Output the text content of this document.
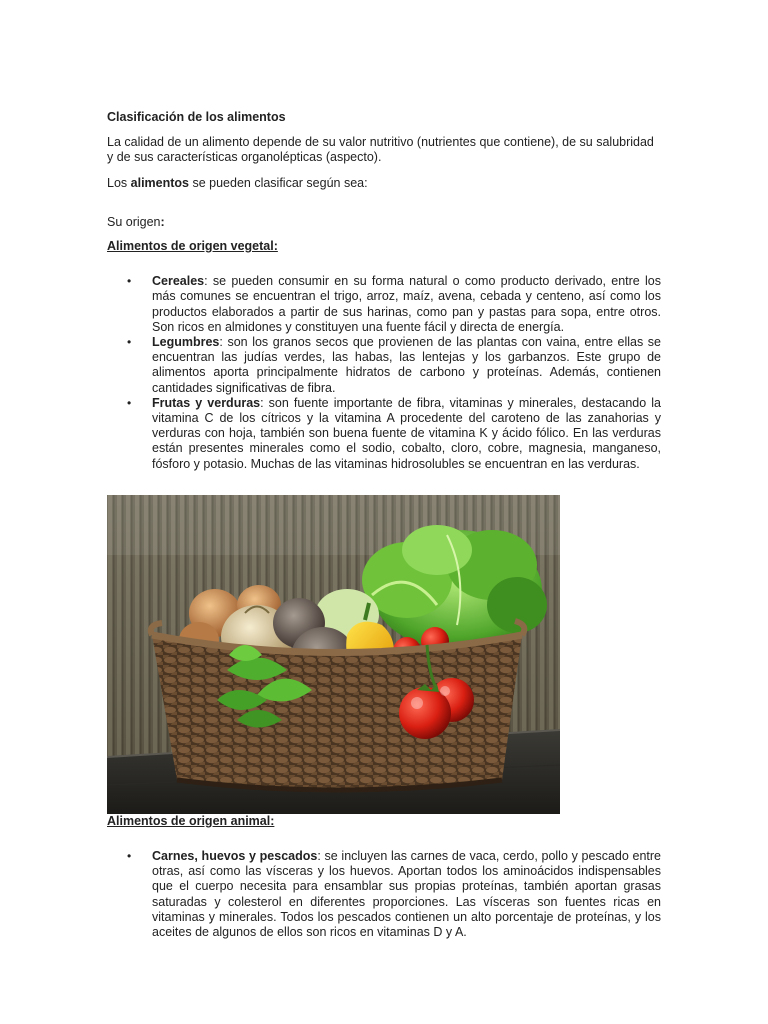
Clasificación de los alimentos

La calidad de un alimento depende de su valor nutritivo (nutrientes que contiene), de su salubridad y de sus características organolépticas (aspecto).

Los alimentos se pueden clasificar según sea:

Su origen:

Alimentos de origen vegetal:

• Cereales: se pueden consumir en su forma natural o como producto derivado, entre los más comunes se encuentran el trigo, arroz, maíz, avena, cebada y centeno, así como los productos elaborados a partir de sus harinas, como pan y pastas para sopa, entre otros. Son ricos en almidones y constituyen una fuente fácil y directa de energía.
• Legumbres: son los granos secos que provienen de las plantas con vaina, entre ellas se encuentran las judías verdes, las habas, las lentejas y los garbanzos. Este grupo de alimentos aporta principalmente hidratos de carbono y proteínas. Además, contienen cantidades significativas de fibra.
• Frutas y verduras: son fuente importante de fibra, vitaminas y minerales, destacando la vitamina C de los cítricos y la vitamina A procedente del caroteno de las zanahorias y verduras con hoja, también son buena fuente de vitamina K y ácido fólico. En las verduras están presentes minerales como el sodio, cobalto, cloro, cobre, magnesia, manganeso, fósforo y potasio. Muchas de las vitaminas hidrosolubles se encuentran en las verduras.

Alimentos de origen animal:

• Carnes, huevos y pescados: se incluyen las carnes de vaca, cerdo, pollo y pescado entre otras, así como las vísceras y los huevos. Aportan todos los aminoácidos indispensables que el cuerpo necesita para ensamblar sus propias proteínas, también aportan grasas saturadas y colesterol en diferentes proporciones. Las vísceras son fuentes ricas en vitaminas y minerales. Todos los pescados contienen un alto porcentaje de proteínas, y los aceites de algunos de ellos son ricos en vitaminas D y A.
